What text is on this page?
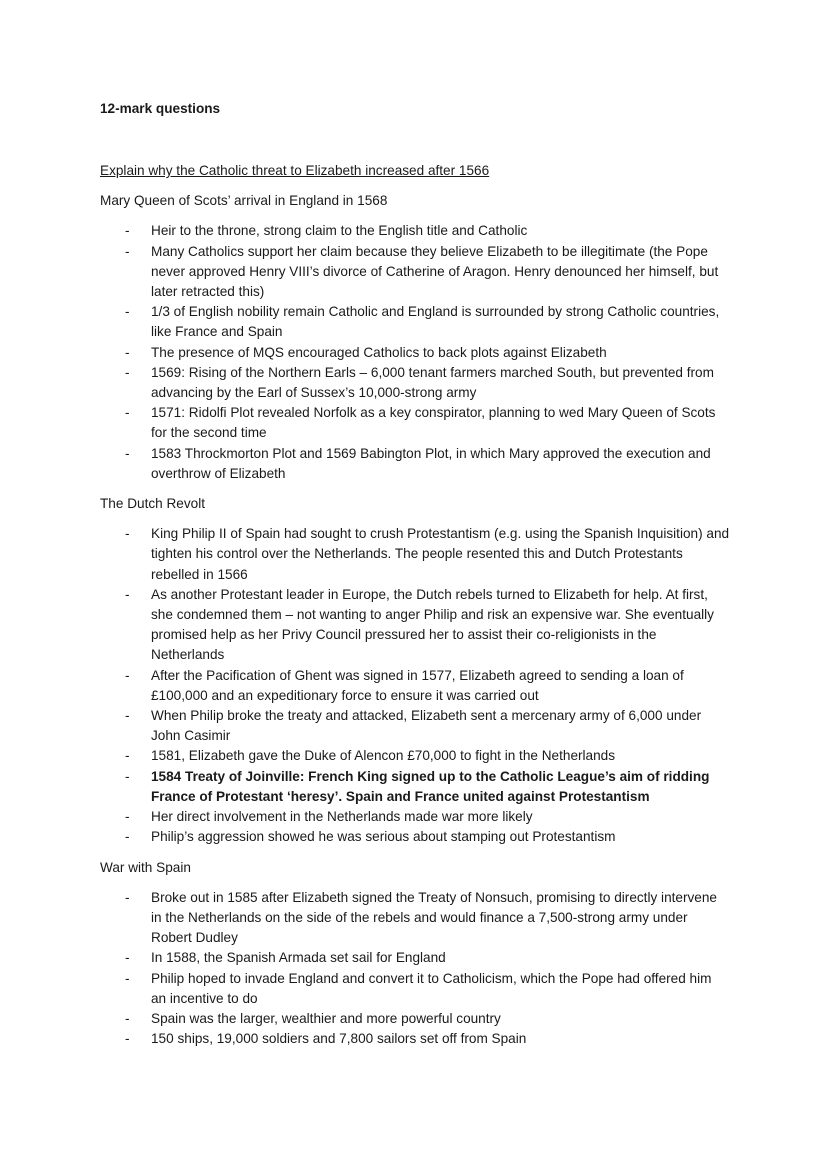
12-mark questions
Explain why the Catholic threat to Elizabeth increased after 1566
Mary Queen of Scots’ arrival in England in 1568
- Heir to the throne, strong claim to the English title and Catholic
- Many Catholics support her claim because they believe Elizabeth to be illegitimate (the Pope never approved Henry VIII’s divorce of Catherine of Aragon. Henry denounced her himself, but later retracted this)
- 1/3 of English nobility remain Catholic and England is surrounded by strong Catholic countries, like France and Spain
- The presence of MQS encouraged Catholics to back plots against Elizabeth
- 1569: Rising of the Northern Earls – 6,000 tenant farmers marched South, but prevented from advancing by the Earl of Sussex’s 10,000-strong army
- 1571: Ridolfi Plot revealed Norfolk as a key conspirator, planning to wed Mary Queen of Scots for the second time
- 1583 Throckmorton Plot and 1569 Babington Plot, in which Mary approved the execution and overthrow of Elizabeth
The Dutch Revolt
- King Philip II of Spain had sought to crush Protestantism (e.g. using the Spanish Inquisition) and tighten his control over the Netherlands. The people resented this and Dutch Protestants rebelled in 1566
- As another Protestant leader in Europe, the Dutch rebels turned to Elizabeth for help. At first, she condemned them – not wanting to anger Philip and risk an expensive war. She eventually promised help as her Privy Council pressured her to assist their co-religionists in the Netherlands
- After the Pacification of Ghent was signed in 1577, Elizabeth agreed to sending a loan of £100,000 and an expeditionary force to ensure it was carried out
- When Philip broke the treaty and attacked, Elizabeth sent a mercenary army of 6,000 under John Casimir
- 1581, Elizabeth gave the Duke of Alencon £70,000 to fight in the Netherlands
- 1584 Treaty of Joinville: French King signed up to the Catholic League’s aim of ridding France of Protestant ‘heresy’. Spain and France united against Protestantism
- Her direct involvement in the Netherlands made war more likely
- Philip’s aggression showed he was serious about stamping out Protestantism
War with Spain
- Broke out in 1585 after Elizabeth signed the Treaty of Nonsuch, promising to directly intervene in the Netherlands on the side of the rebels and would finance a 7,500-strong army under Robert Dudley
- In 1588, the Spanish Armada set sail for England
- Philip hoped to invade England and convert it to Catholicism, which the Pope had offered him an incentive to do
- Spain was the larger, wealthier and more powerful country
- 150 ships, 19,000 soldiers and 7,800 sailors set off from Spain
